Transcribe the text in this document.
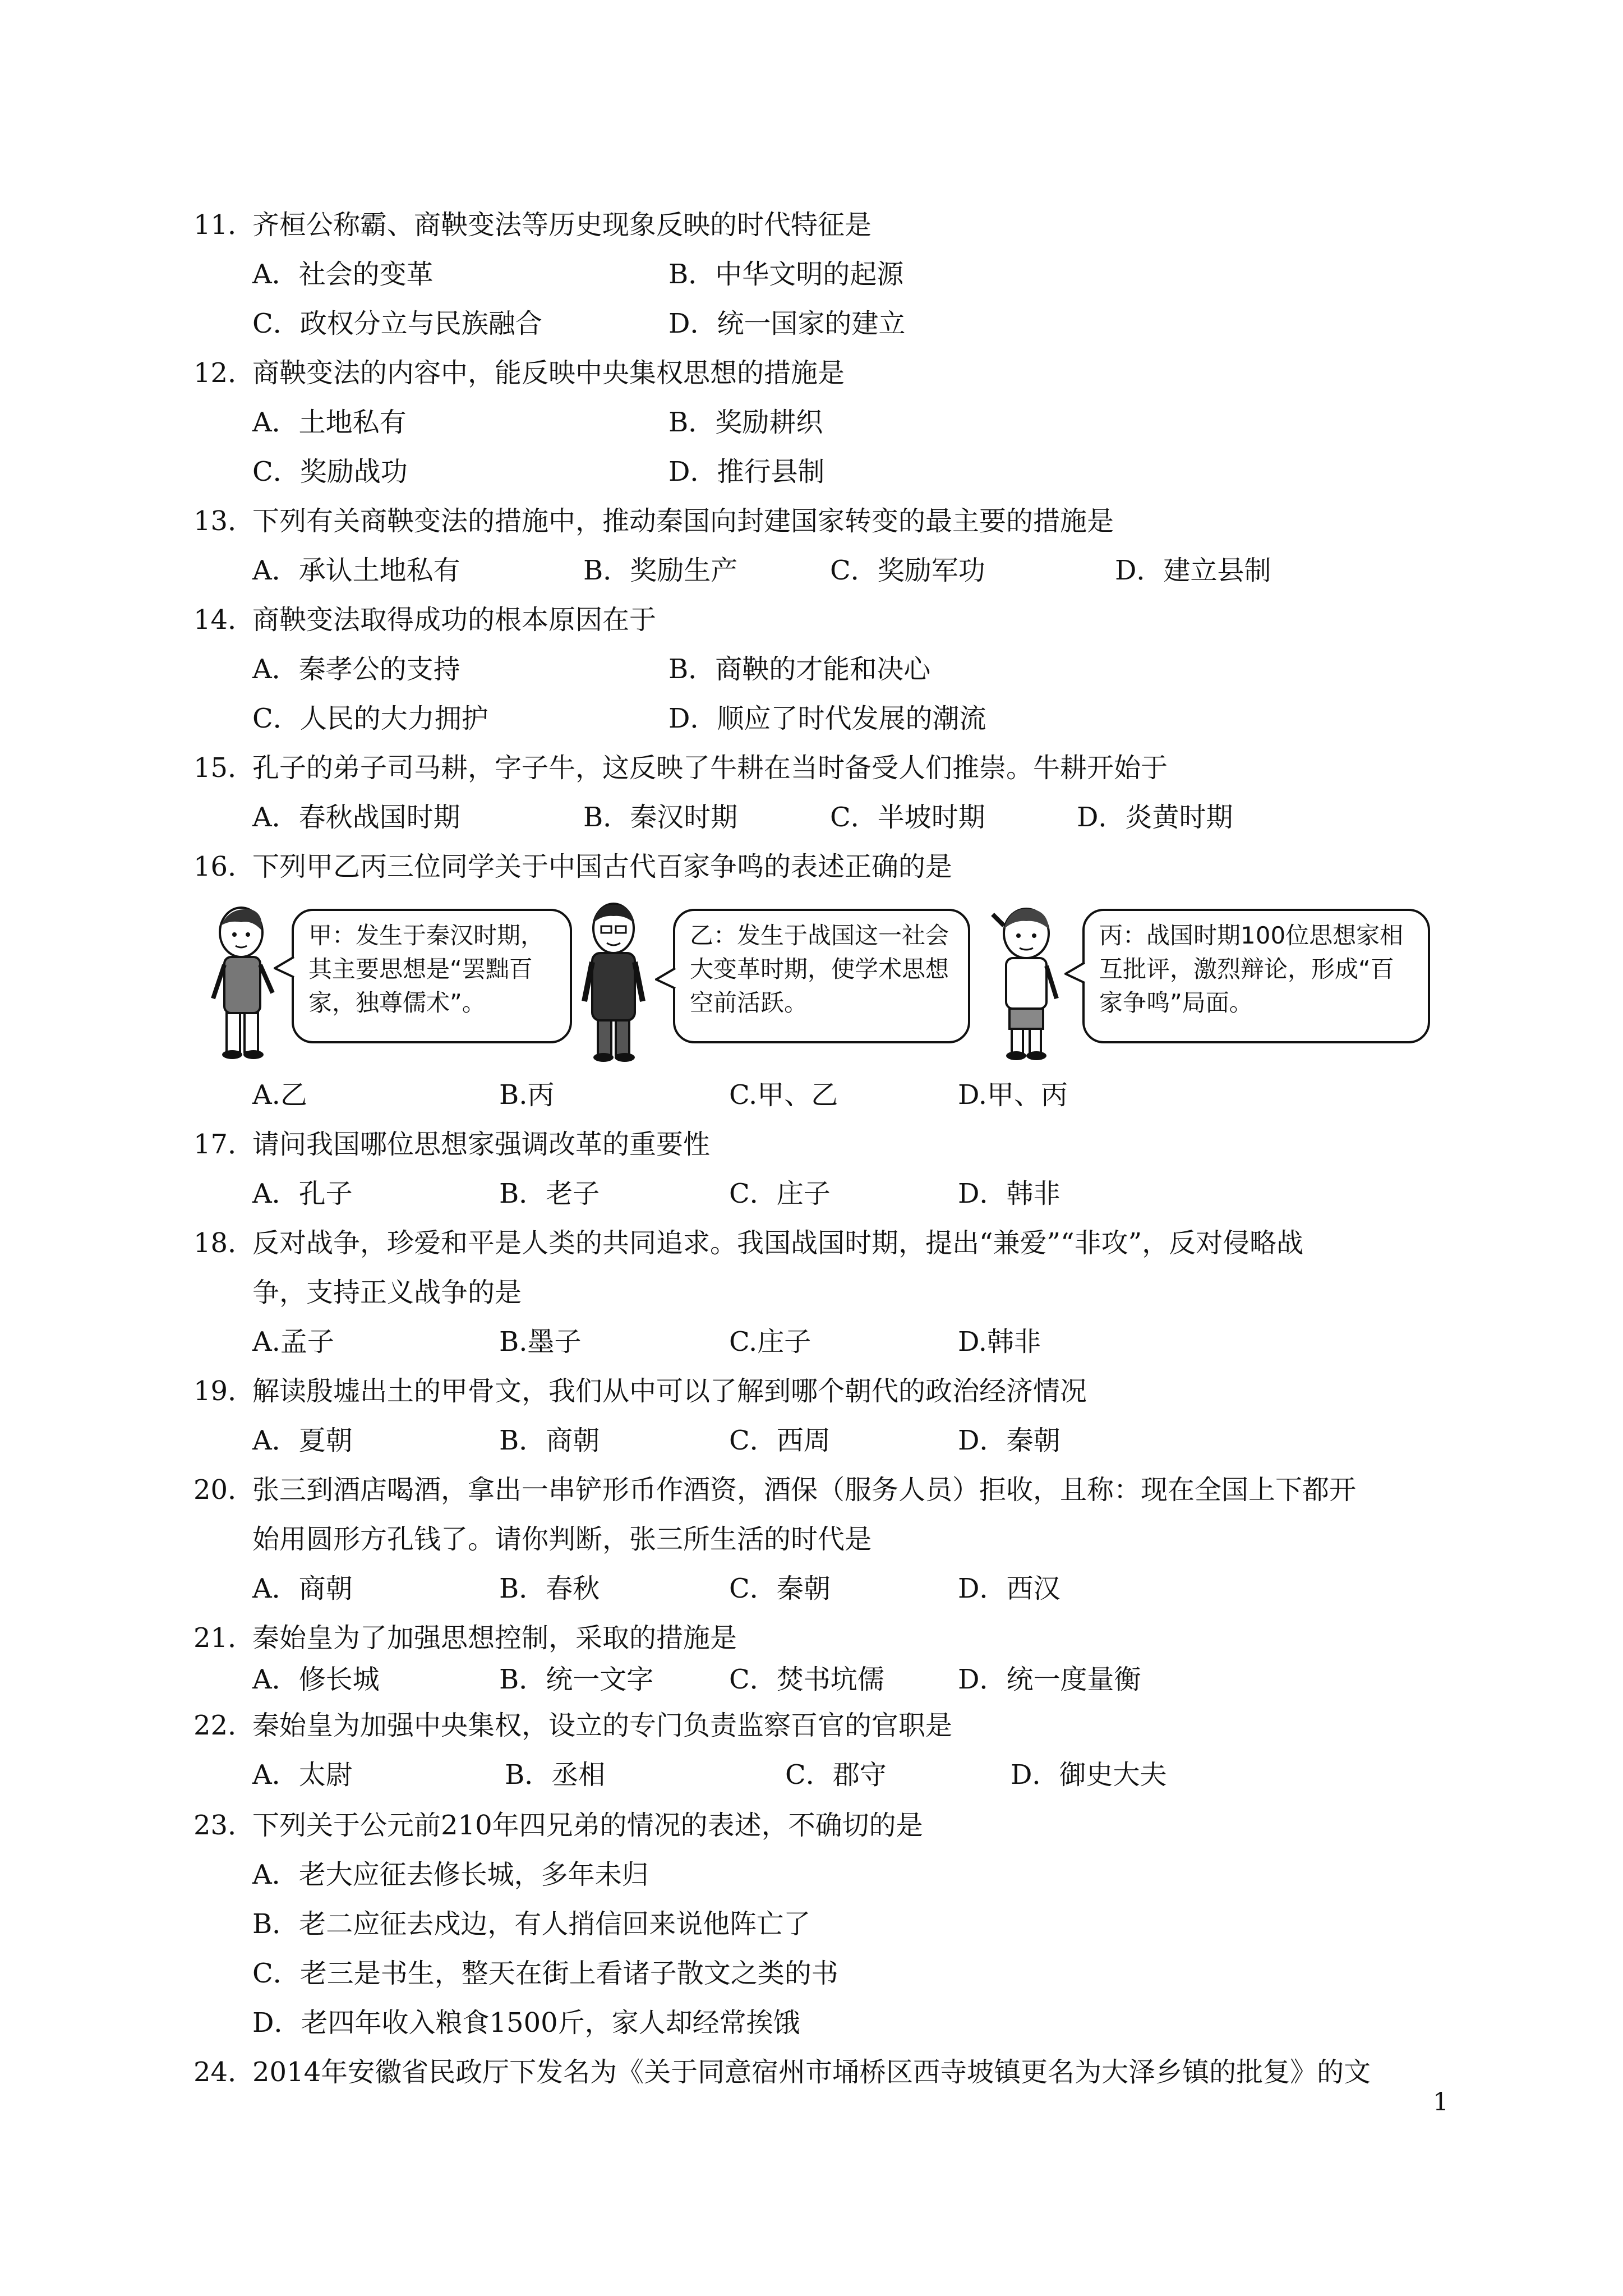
11．齐桓公称霸、商鞅变法等历史现象反映的时代特征是
A．社会的变革	B．中华文明的起源
C．政权分立与民族融合	D．统一国家的建立
12．商鞅变法的内容中，能反映中央集权思想的措施是
A．土地私有	B．奖励耕织
C．奖励战功	D．推行县制
13．下列有关商鞅变法的措施中，推动秦国向封建国家转变的最主要的措施是
A．承认土地私有	B．奖励生产	C．奖励军功	D．建立县制
14．商鞅变法取得成功的根本原因在于
A．秦孝公的支持	B．商鞅的才能和决心
C．人民的大力拥护	D．顺应了时代发展的潮流
15．孔子的弟子司马耕，字子牛，这反映了牛耕在当时备受人们推崇。牛耕开始于
A．春秋战国时期	B．秦汉时期	C．半坡时期	D．炎黄时期
16．下列甲乙丙三位同学关于中国古代百家争鸣的表述正确的是
甲：发生于秦汉时期，其主要思想是“罢黜百家，独尊儒术”。
乙：发生于战国这一社会大变革时期，使学术思想空前活跃。
丙：战国时期100位思想家相互批评，激烈辩论，形成“百家争鸣”局面。
A.乙	B.丙	C.甲、乙	D.甲、丙
17．请问我国哪位思想家强调改革的重要性
A．孔子	B．老子	C．庄子	D．韩非
18．反对战争，珍爱和平是人类的共同追求。我国战国时期，提出“兼爱”“非攻”，反对侵略战
争，支持正义战争的是
A.孟子	B.墨子	C.庄子	D.韩非
19．解读殷墟出土的甲骨文，我们从中可以了解到哪个朝代的政治经济情况
A．夏朝	B．商朝	C．西周	D．秦朝
20．张三到酒店喝酒，拿出一串铲形币作酒资，酒保（服务人员）拒收，且称：现在全国上下都开
始用圆形方孔钱了。请你判断，张三所生活的时代是
A．商朝	B．春秋	C．秦朝	D．西汉
21．秦始皇为了加强思想控制，采取的措施是
A．修长城	B．统一文字	C．焚书坑儒	D．统一度量衡
22．秦始皇为加强中央集权，设立的专门负责监察百官的官职是
A．太尉	B．丞相	C．郡守	D．御史大夫
23．下列关于公元前210年四兄弟的情况的表述，不确切的是
A．老大应征去修长城，多年未归
B．老二应征去戍边，有人捎信回来说他阵亡了
C．老三是书生，整天在街上看诸子散文之类的书
D．老四年收入粮食1500斤，家人却经常挨饿
24．2014年安徽省民政厅下发名为《关于同意宿州市埇桥区西寺坡镇更名为大泽乡镇的批复》的文
1
